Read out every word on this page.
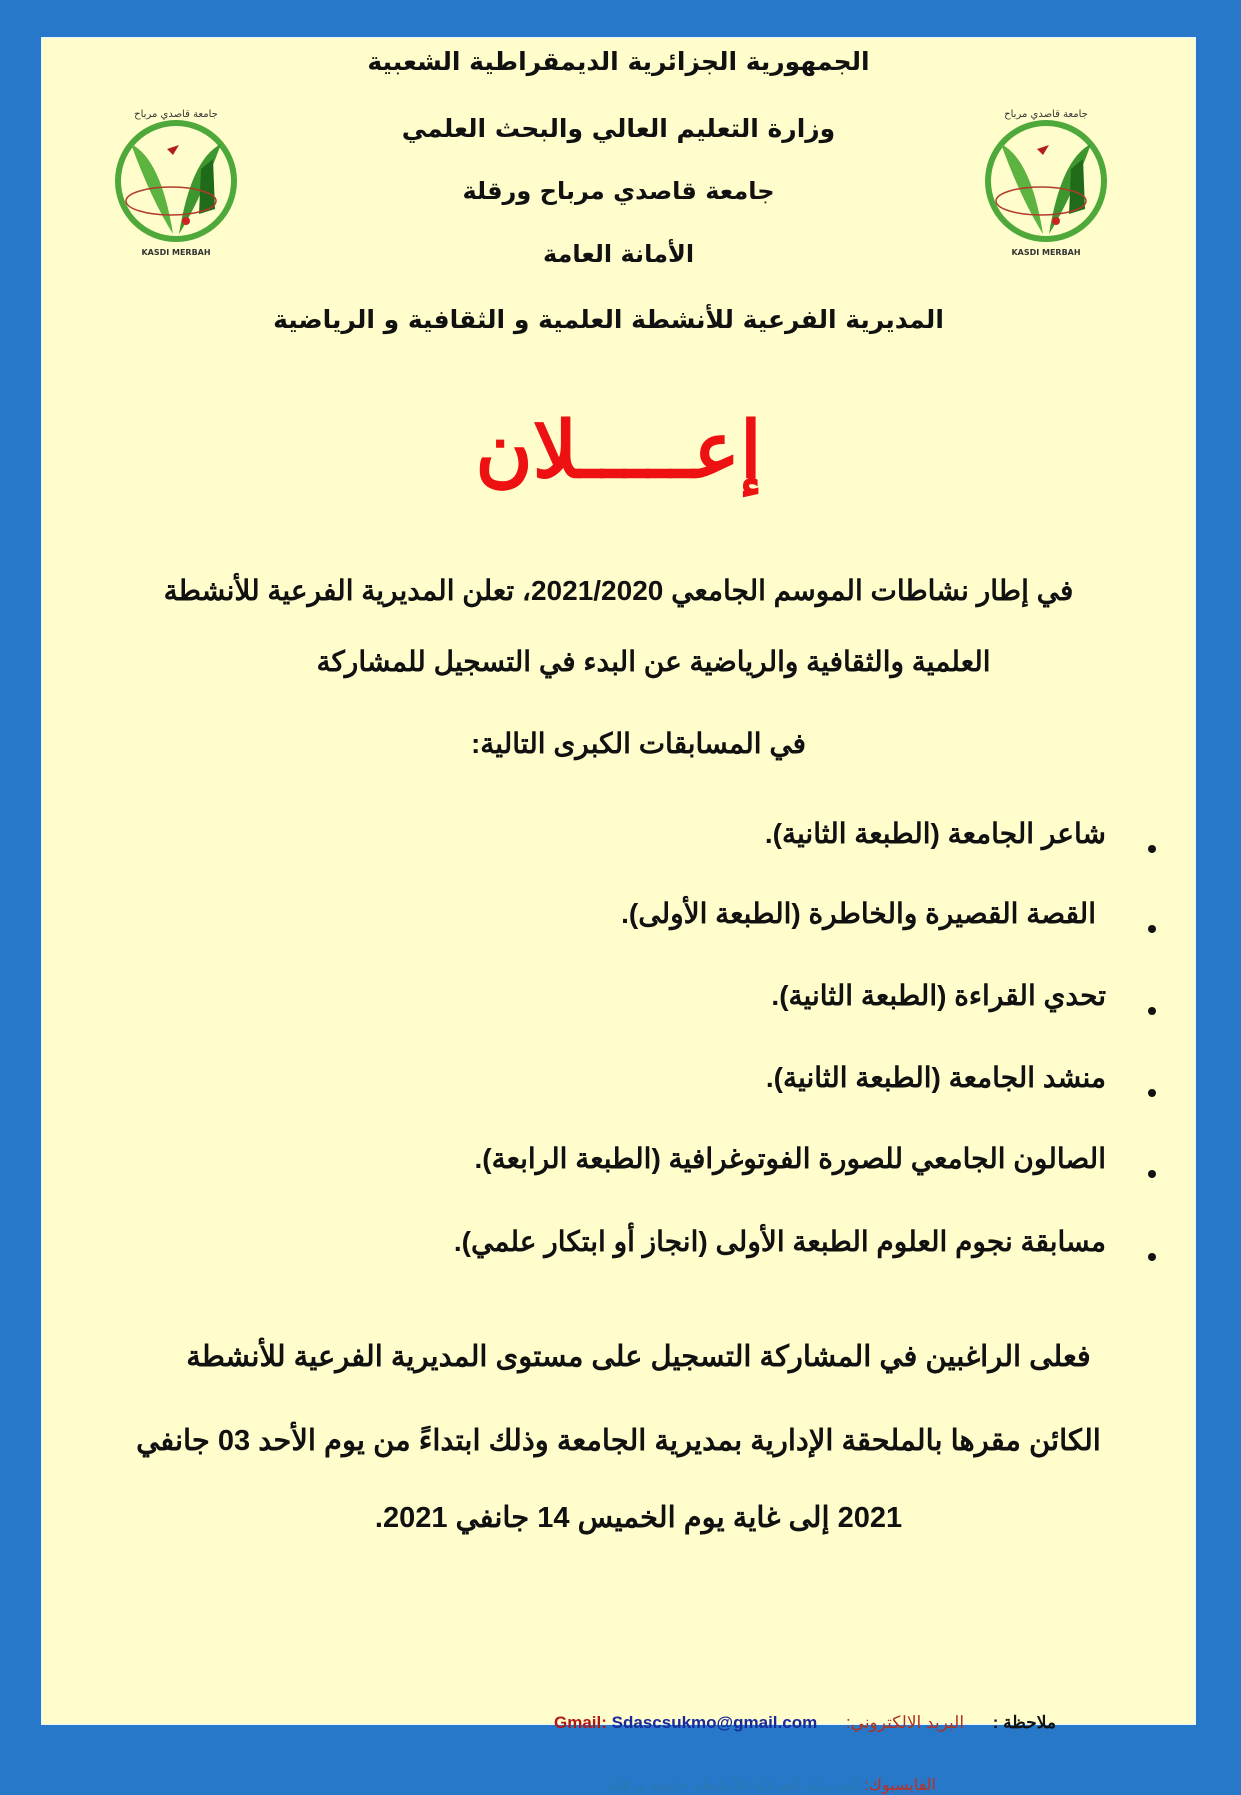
جامعة قاصدي مرباح
KASDI MERBAH
جامعة قاصدي مرباح
KASDI MERBAH
الجمهورية الجزائرية الديمقراطية الشعبية
وزارة التعليم العالي والبحث العلمي
جامعة قاصدي مرباح ورقلة
الأمانة العامة
المديرية الفرعية للأنشطة العلمية و الثقافية و الرياضية
إعـــــلان
في إطار نشاطات الموسم الجامعي 2021/2020، تعلن المديرية الفرعية للأنشطة
العلمية والثقافية والرياضية عن البدء في التسجيل للمشاركة
في المسابقات الكبرى التالية:
شاعر الجامعة (الطبعة الثانية).
القصة القصيرة والخاطرة (الطبعة الأولى).
تحدي القراءة (الطبعة الثانية).
منشد الجامعة (الطبعة الثانية).
الصالون الجامعي للصورة الفوتوغرافية (الطبعة الرابعة).
مسابقة نجوم العلوم الطبعة الأولى (انجاز أو ابتكار علمي).
فعلى الراغبين في المشاركة التسجيل على مستوى المديرية الفرعية للأنشطة
الكائن مقرها بالملحقة الإدارية بمديرية الجامعة وذلك ابتداءً من يوم الأحد 03 جانفي
2021 إلى غاية يوم الخميس 14 جانفي 2021.
ملاحظة : البريد الالكتروني: Gmail: Sdascsukmo@gmail.com
الفايسبوك: المديريّة الفرعيّة للأنشطة جامعة ورقلة
